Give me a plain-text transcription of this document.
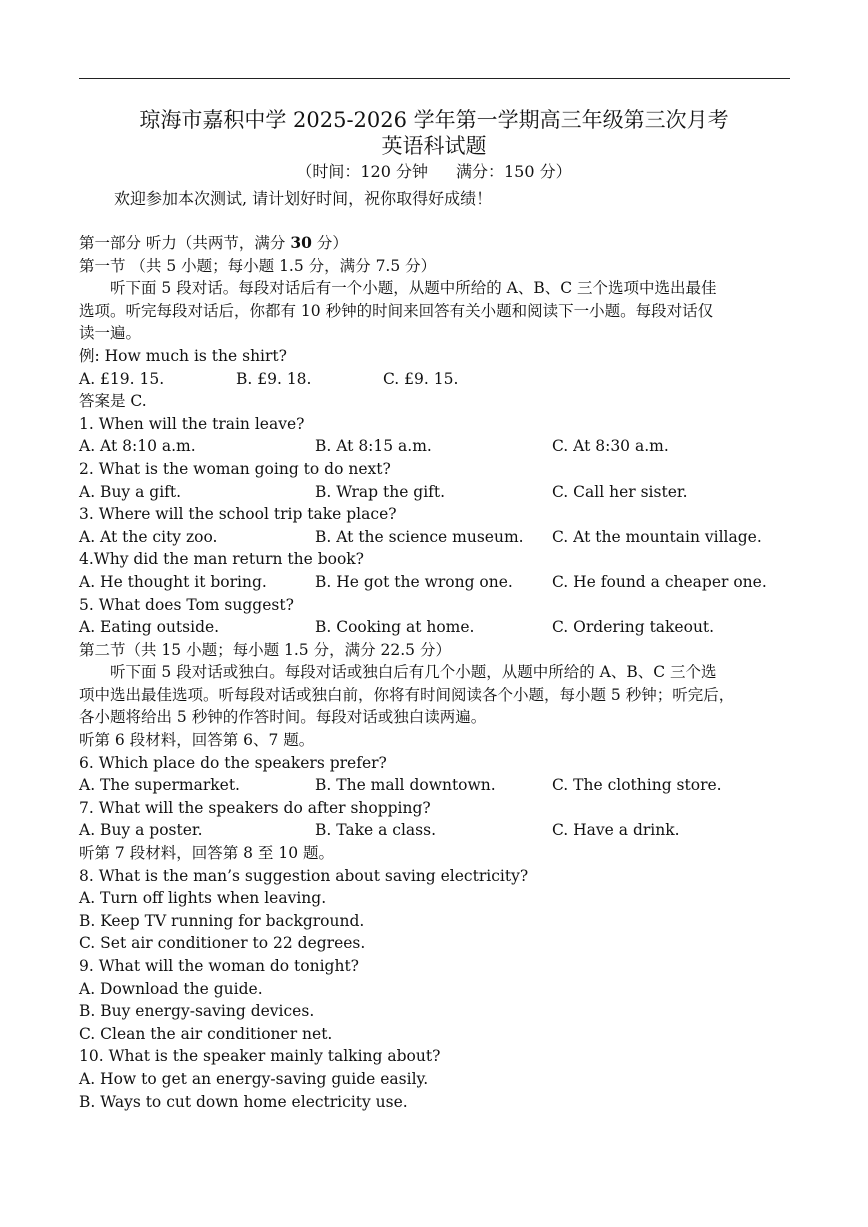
琼海市嘉积中学 2025-2026 学年第一学期高三年级第三次月考
英语科试题
（时间：120 分钟 满分：150 分）
欢迎参加本次测试, 请计划好时间，祝你取得好成绩！
第一部分 听力（共两节，满分 30 分）
第一节 （共 5 小题；每小题 1.5 分，满分 7.5 分）
听下面 5 段对话。每段对话后有一个小题，从题中所给的 A、B、C 三个选项中选出最佳
选项。听完每段对话后，你都有 10 秒钟的时间来回答有关小题和阅读下一小题。每段对话仅
读一遍。
例: How much is the shirt?
A. £19. 15.	B. £9. 18.	C. £9. 15.
答案是 C.
1. When will the train leave?
A. At 8:10 a.m.	B. At 8:15 a.m.	C. At 8:30 a.m.
2. What is the woman going to do next?
A. Buy a gift.	B. Wrap the gift.	C. Call her sister.
3. Where will the school trip take place?
A. At the city zoo.	B. At the science museum.	C. At the mountain village.
4.Why did the man return the book?
A. He thought it boring.	B. He got the wrong one.	C. He found a cheaper one.
5. What does Tom suggest?
A. Eating outside.	B. Cooking at home.	C. Ordering takeout.
第二节（共 15 小题；每小题 1.5 分，满分 22.5 分）
听下面 5 段对话或独白。每段对话或独白后有几个小题，从题中所给的 A、B、C 三个选
项中选出最佳选项。听每段对话或独白前，你将有时间阅读各个小题，每小题 5 秒钟；听完后，
各小题将给出 5 秒钟的作答时间。每段对话或独白读两遍。
听第 6 段材料，回答第 6、7 题。
6. Which place do the speakers prefer?
A. The supermarket.	B. The mall downtown.	C. The clothing store.
7. What will the speakers do after shopping?
A. Buy a poster.	B. Take a class.	C. Have a drink.
听第 7 段材料，回答第 8 至 10 题。
8. What is the man’s suggestion about saving electricity?
A. Turn off lights when leaving.
B. Keep TV running for background.
C. Set air conditioner to 22 degrees.
9. What will the woman do tonight?
A. Download the guide.
B. Buy energy-saving devices.
C. Clean the air conditioner net.
10. What is the speaker mainly talking about?
A. How to get an energy-saving guide easily.
B. Ways to cut down home electricity use.
